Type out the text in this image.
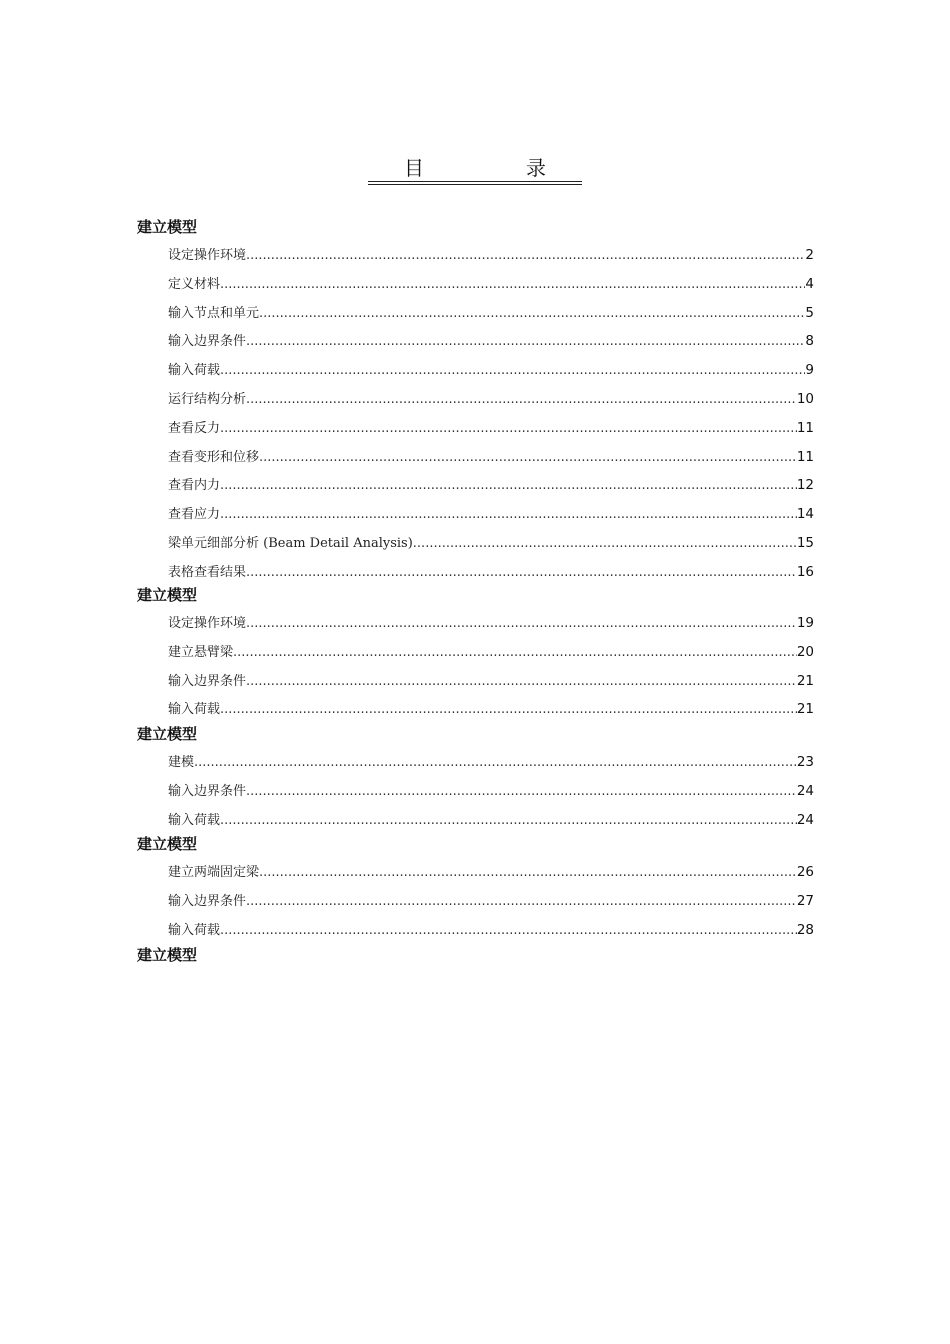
目	录
建立模型
设定操作环境 .....	2
定义材料 .....	4
输入节点和单元 .....	5
输入边界条件 .....	8
输入荷载 .....	9
运行结构分析 .....	10
查看反力 .....	11
查看变形和位移 .....	11
查看内力 .....	12
查看应力 .....	14
梁单元细部分析 (Beam Detail Analysis) .....	15
表格查看结果 .....	16
建立模型
设定操作环境 .....	19
建立悬臂梁 .....	20
输入边界条件 .....	21
输入荷载 .....	21
建立模型
建模 .....	23
输入边界条件 .....	24
输入荷载 .....	24
建立模型
建立两端固定梁 .....	26
输入边界条件 .....	27
输入荷载 .....	28
建立模型
